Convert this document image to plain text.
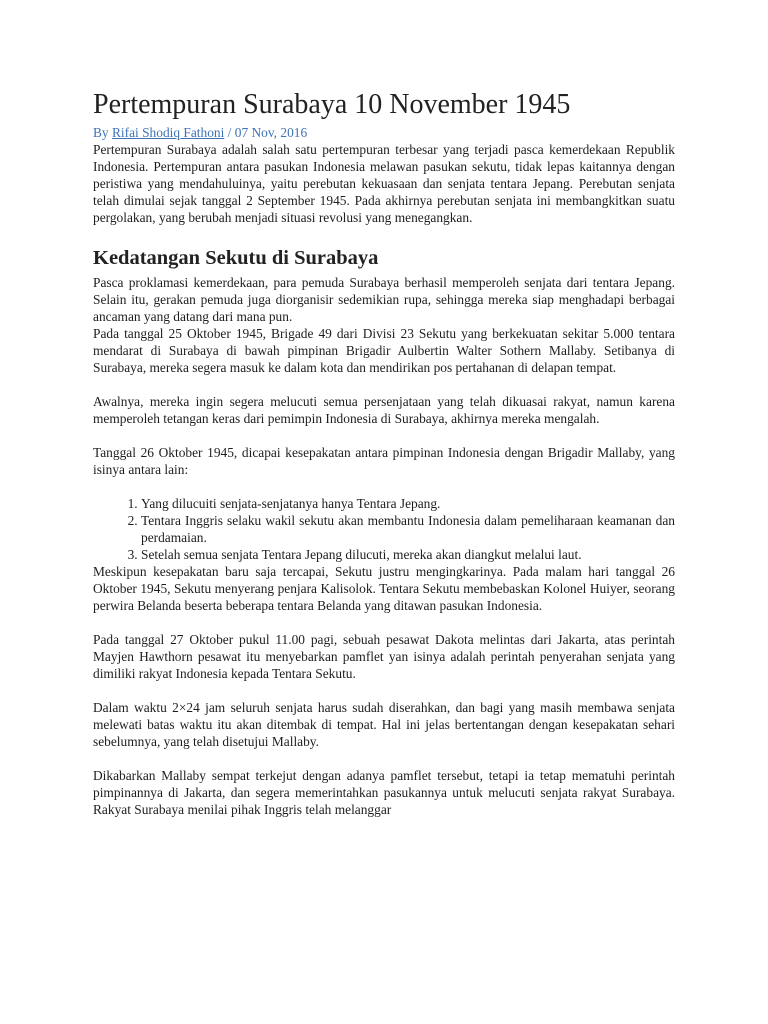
Pertempuran Surabaya 10 November 1945
By Rifai Shodiq Fathoni / 07 Nov, 2016

Pertempuran Surabaya adalah salah satu pertempuran terbesar yang terjadi pasca kemerdekaan Republik Indonesia. Pertempuran antara pasukan Indonesia melawan pasukan sekutu, tidak lepas kaitannya dengan peristiwa yang mendahuluinya, yaitu perebutan kekuasaan dan senjata tentara Jepang. Perebutan senjata telah dimulai sejak tanggal 2 September 1945. Pada akhirnya perebutan senjata ini membangkitkan suatu pergolakan, yang berubah menjadi situasi revolusi yang menegangkan.

Kedatangan Sekutu di Surabaya

Pasca proklamasi kemerdekaan, para pemuda Surabaya berhasil memperoleh senjata dari tentara Jepang. Selain itu, gerakan pemuda juga diorganisir sedemikian rupa, sehingga mereka siap menghadapi berbagai ancaman yang datang dari mana pun.

Pada tanggal 25 Oktober 1945, Brigade 49 dari Divisi 23 Sekutu yang berkekuatan sekitar 5.000 tentara mendarat di Surabaya di bawah pimpinan Brigadir Aulbertin Walter Sothern Mallaby. Setibanya di Surabaya, mereka segera masuk ke dalam kota dan mendirikan pos pertahanan di delapan tempat.

Awalnya, mereka ingin segera melucuti semua persenjataan yang telah dikuasai rakyat, namun karena memperoleh tetangan keras dari pemimpin Indonesia di Surabaya, akhirnya mereka mengalah.

Tanggal 26 Oktober 1945, dicapai kesepakatan antara pimpinan Indonesia dengan Brigadir Mallaby, yang isinya antara lain:

1. Yang dilucuiti senjata-senjatanya hanya Tentara Jepang.
2. Tentara Inggris selaku wakil sekutu akan membantu Indonesia dalam pemeliharaan keamanan dan perdamaian.
3. Setelah semua senjata Tentara Jepang dilucuti, mereka akan diangkut melalui laut.

Meskipun kesepakatan baru saja tercapai, Sekutu justru mengingkarinya. Pada malam hari tanggal 26 Oktober 1945, Sekutu menyerang penjara Kalisolok. Tentara Sekutu membebaskan Kolonel Huiyer, seorang perwira Belanda beserta beberapa tentara Belanda yang ditawan pasukan Indonesia.

Pada tanggal 27 Oktober pukul 11.00 pagi, sebuah pesawat Dakota melintas dari Jakarta, atas perintah Mayjen Hawthorn pesawat itu menyebarkan pamflet yan isinya adalah perintah penyerahan senjata yang dimiliki rakyat Indonesia kepada Tentara Sekutu.

Dalam waktu 2×24 jam seluruh senjata harus sudah diserahkan, dan bagi yang masih membawa senjata melewati batas waktu itu akan ditembak di tempat. Hal ini jelas bertentangan dengan kesepakatan sehari sebelumnya, yang telah disetujui Mallaby.

Dikabarkan Mallaby sempat terkejut dengan adanya pamflet tersebut, tetapi ia tetap mematuhi perintah pimpinannya di Jakarta, dan segera memerintahkan pasukannya untuk melucuti senjata rakyat Surabaya. Rakyat Surabaya menilai pihak Inggris telah melanggar
